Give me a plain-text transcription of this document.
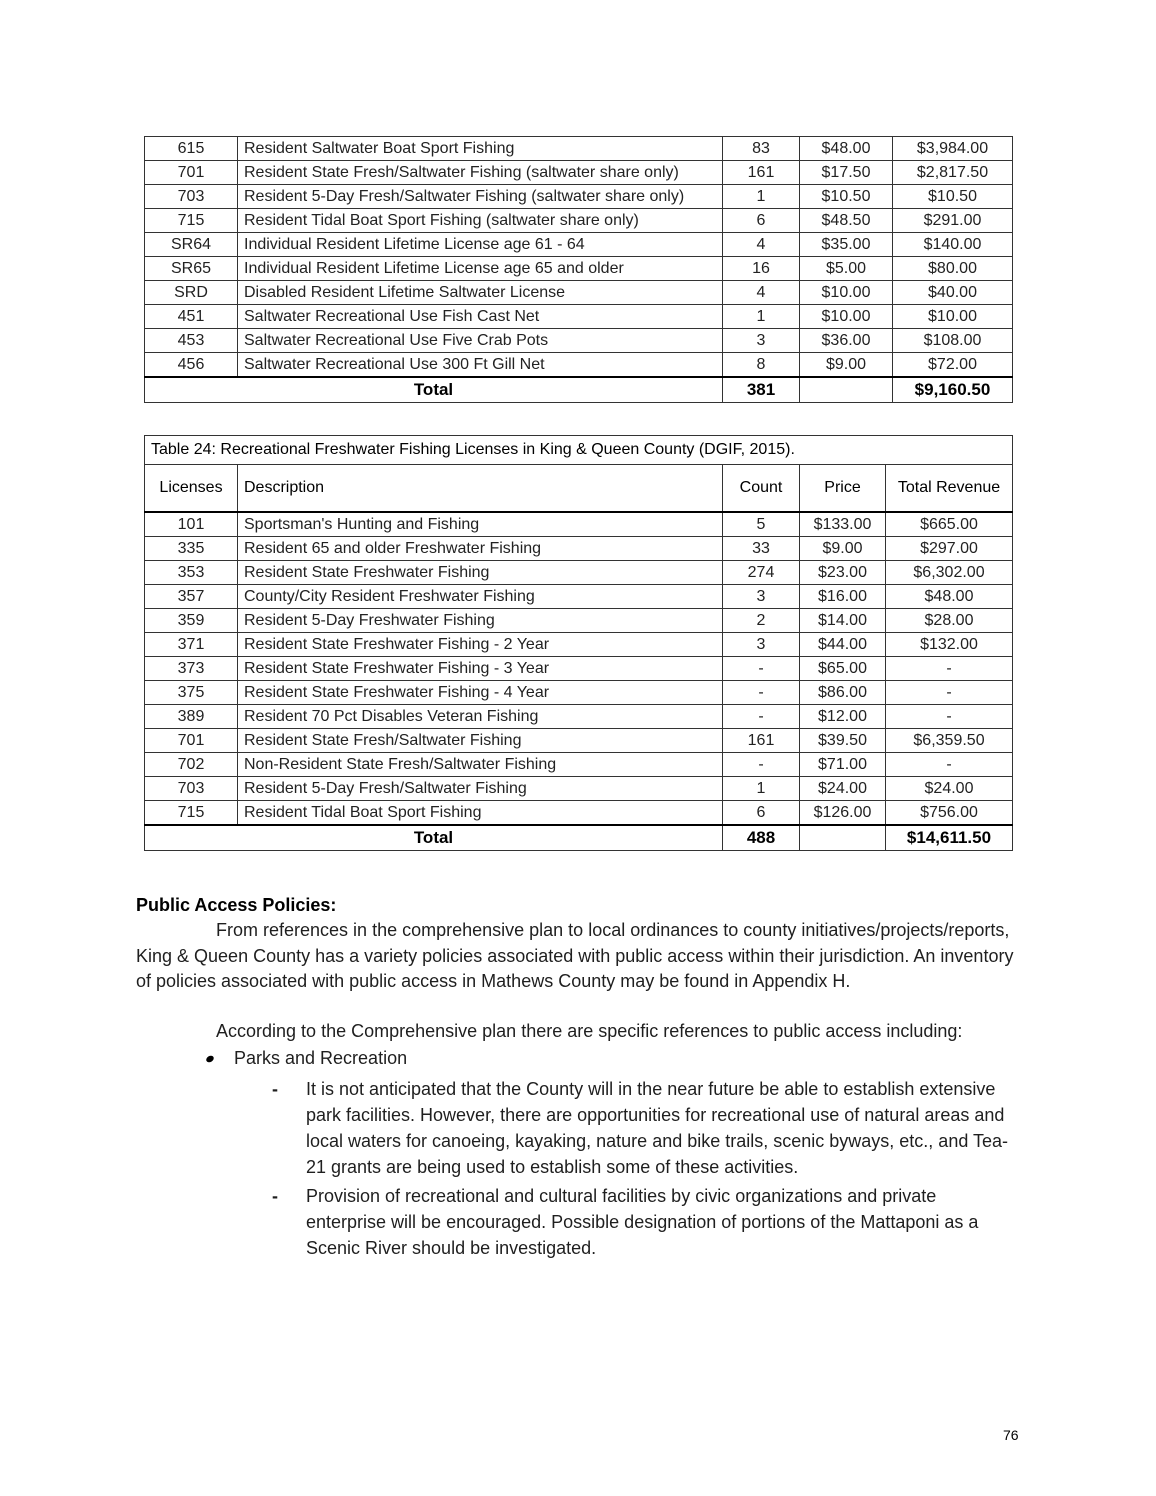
615	Resident Saltwater Boat Sport Fishing	83	$48.00	$3,984.00
701	Resident State Fresh/Saltwater Fishing (saltwater share only)	161	$17.50	$2,817.50
703	Resident 5-Day Fresh/Saltwater Fishing (saltwater share only)	1	$10.50	$10.50
715	Resident Tidal Boat Sport Fishing (saltwater share only)	6	$48.50	$291.00
SR64	Individual Resident Lifetime License age 61 - 64	4	$35.00	$140.00
SR65	Individual Resident Lifetime License age 65 and older	16	$5.00	$80.00
SRD	Disabled Resident Lifetime Saltwater License	4	$10.00	$40.00
451	Saltwater Recreational Use Fish Cast Net	1	$10.00	$10.00
453	Saltwater Recreational Use Five Crab Pots	3	$36.00	$108.00
456	Saltwater Recreational Use 300 Ft Gill Net	8	$9.00	$72.00
Total		381		$9,160.50
Table 24: Recreational Freshwater Fishing Licenses in King & Queen County (DGIF, 2015).				
Licenses	Description	Count	Price	Total Revenue
101	Sportsman's Hunting and Fishing	5	$133.00	$665.00
335	Resident 65 and older Freshwater Fishing	33	$9.00	$297.00
353	Resident State Freshwater Fishing	274	$23.00	$6,302.00
357	County/City Resident Freshwater Fishing	3	$16.00	$48.00
359	Resident 5-Day Freshwater Fishing	2	$14.00	$28.00
371	Resident State Freshwater Fishing - 2 Year	3	$44.00	$132.00
373	Resident State Freshwater Fishing - 3 Year	-	$65.00	-
375	Resident State Freshwater Fishing - 4 Year	-	$86.00	-
389	Resident 70 Pct Disables Veteran Fishing	-	$12.00	-
701	Resident State Fresh/Saltwater Fishing	161	$39.50	$6,359.50
702	Non-Resident State Fresh/Saltwater Fishing	-	$71.00	-
703	Resident 5-Day Fresh/Saltwater Fishing	1	$24.00	$24.00
715	Resident Tidal Boat Sport Fishing	6	$126.00	$756.00
Total		488		$14,611.50
Public Access Policies:
From references in the comprehensive plan to local ordinances to county initiatives/projects/reports, King & Queen County has a variety policies associated with public access within their jurisdiction. An inventory of policies associated with public access in Mathews County may be found in Appendix H.
According to the Comprehensive plan there are specific references to public access including:
Parks and Recreation
- It is not anticipated that the County will in the near future be able to establish extensive park facilities. However, there are opportunities for recreational use of natural areas and local waters for canoeing, kayaking, nature and bike trails, scenic byways, etc., and Tea-21 grants are being used to establish some of these activities.
- Provision of recreational and cultural facilities by civic organizations and private enterprise will be encouraged. Possible designation of portions of the Mattaponi as a Scenic River should be investigated.
76
